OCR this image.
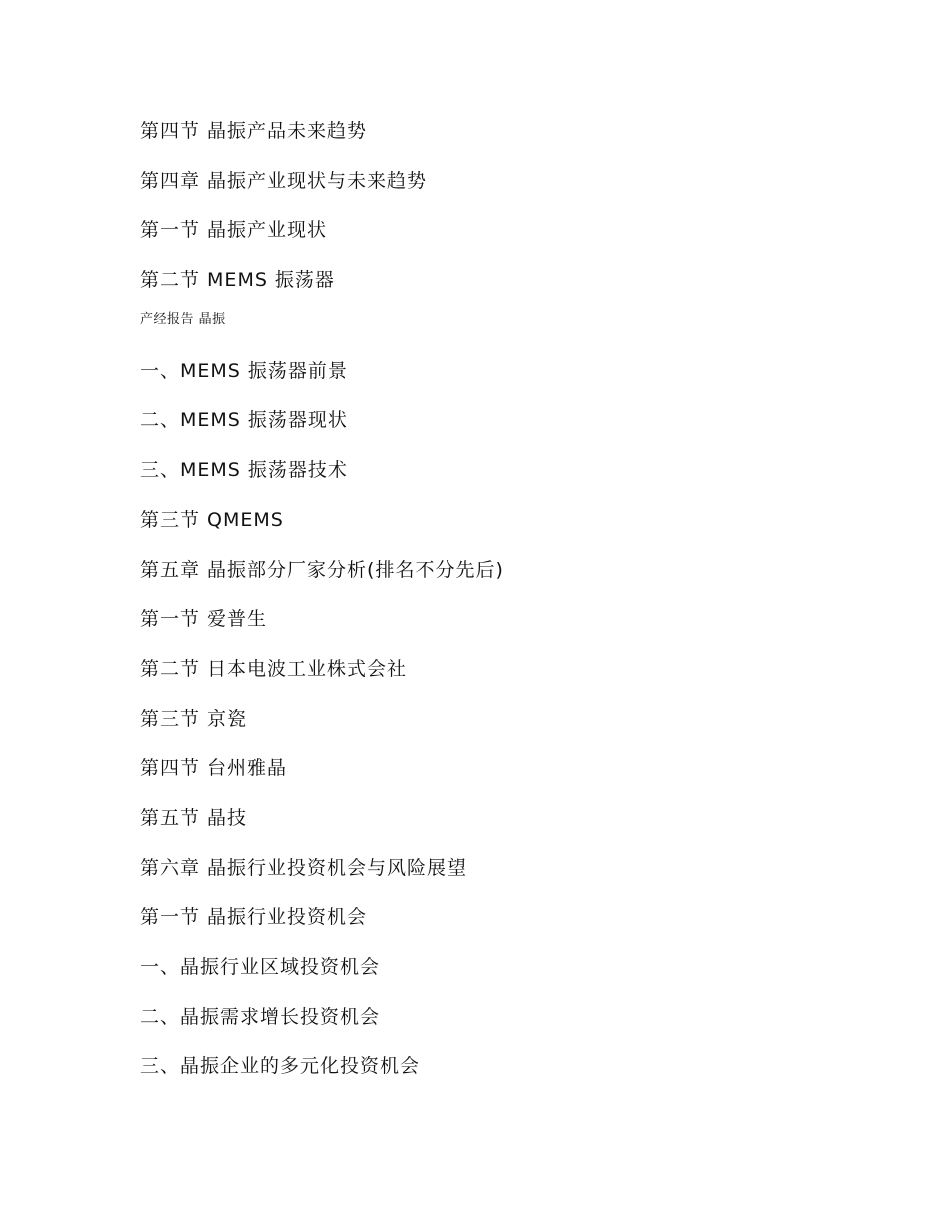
第四节 晶振产品未来趋势
第四章 晶振产业现状与未来趋势
第一节 晶振产业现状
第二节 MEMS 振荡器
产经报告 晶振
一、MEMS 振荡器前景
二、MEMS 振荡器现状
三、MEMS 振荡器技术
第三节 QMEMS
第五章 晶振部分厂家分析(排名不分先后)
第一节 爱普生
第二节 日本电波工业株式会社
第三节 京瓷
第四节 台州雅晶
第五节 晶技
第六章 晶振行业投资机会与风险展望
第一节 晶振行业投资机会
一、晶振行业区域投资机会
二、晶振需求增长投资机会
三、晶振企业的多元化投资机会
